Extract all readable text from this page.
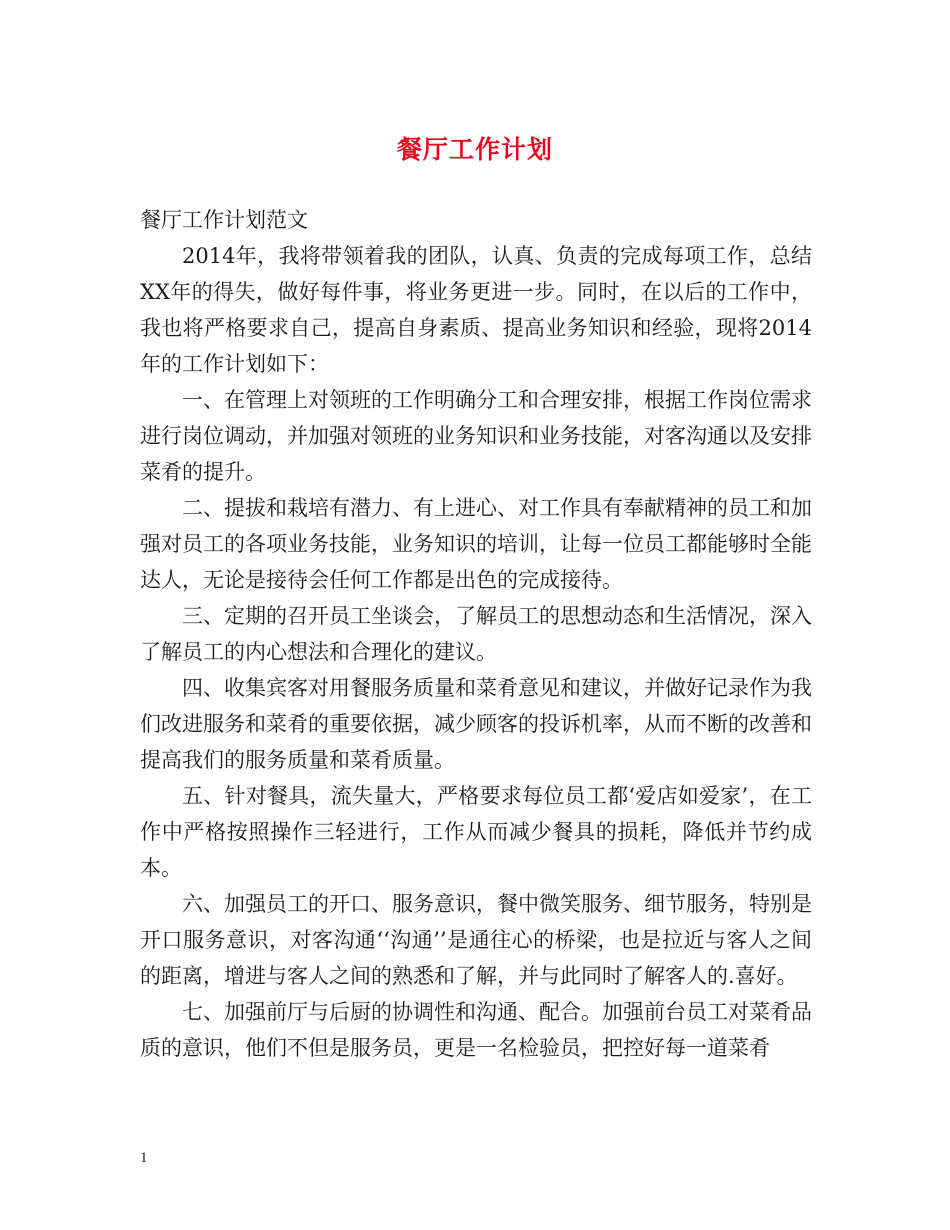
餐厅工作计划

餐厅工作计划范文

2014年，我将带领着我的团队，认真、负责的完成每项工作，总结XX年的得失，做好每件事，将业务更进一步。同时，在以后的工作中，我也将严格要求自己，提高自身素质、提高业务知识和经验，现将2014年的工作计划如下：

一、在管理上对领班的工作明确分工和合理安排，根据工作岗位需求进行岗位调动，并加强对领班的业务知识和业务技能，对客沟通以及安排菜肴的提升。

二、提拔和栽培有潜力、有上进心、对工作具有奉献精神的员工和加强对员工的各项业务技能，业务知识的培训，让每一位员工都能够时全能达人，无论是接待会任何工作都是出色的完成接待。

三、定期的召开员工坐谈会，了解员工的思想动态和生活情况，深入了解员工的内心想法和合理化的建议。

四、收集宾客对用餐服务质量和菜肴意见和建议，并做好记录作为我们改进服务和菜肴的重要依据，减少顾客的投诉机率，从而不断的改善和提高我们的服务质量和菜肴质量。

五、针对餐具，流失量大，严格要求每位员工都‘爱店如爱家’，在工作中严格按照操作三轻进行，工作从而减少餐具的损耗，降低并节约成本。

六、加强员工的开口、服务意识，餐中微笑服务、细节服务，特别是开口服务意识，对客沟通‘‘沟通’’是通往心的桥梁，也是拉近与客人之间的距离，增进与客人之间的熟悉和了解，并与此同时了解客人的.喜好。

七、加强前厅与后厨的协调性和沟通、配合。加强前台员工对菜肴品质的意识，他们不但是服务员，更是一名检验员，把控好每一道菜肴

1
